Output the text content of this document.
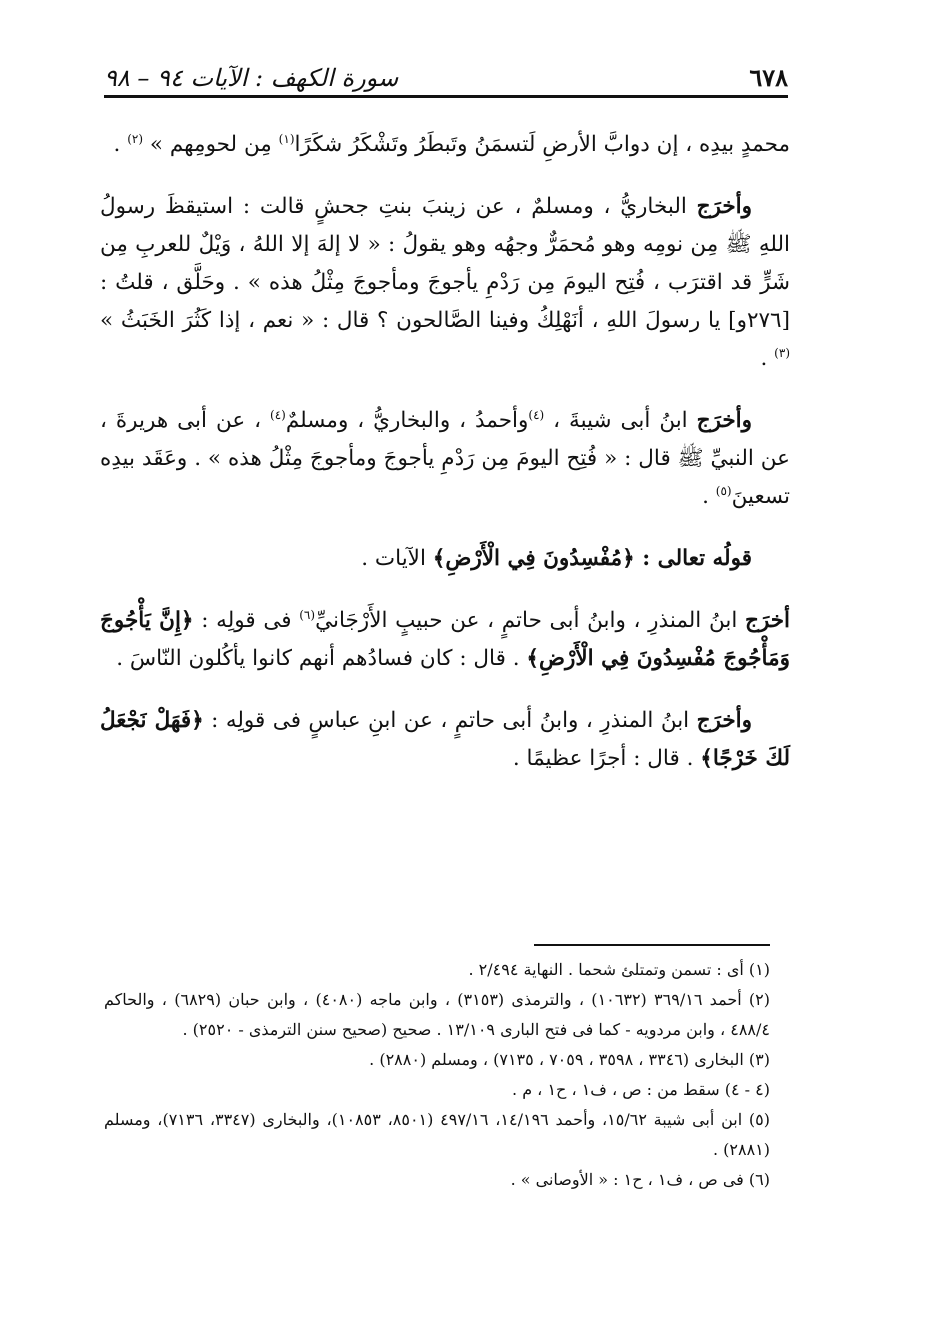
٦٧٨
سورة الكهف : الآيات ٩٤ – ٩٨

محمدٍ بيدِه ، إن دوابَّ الأرضِ لَتسمَنُ وتَبطَرُ وتَشْكَرُ شكَرًا$^{(١)}$ مِن لحومِهم » $^{(٢)}$ .

وأخرَج البخاريُّ ، ومسلمٌ ، عن زينبَ بنتِ جحشٍ قالت : استيقظَ رسولُ اللهِ ﷺ مِن نومِه وهو مُحمَرٌّ وجهُه وهو يقولُ : « لا إلهَ إلا اللهُ ، وَيْلٌ للعربِ مِن شَرٍّ قد اقترَب ، فُتِح اليومَ مِن رَدْمِ يأجوجَ ومأجوجَ مِثْلُ هذه » . وحَلَّق ، قلتُ : [٢٧٦و] يا رسولَ اللهِ ، أنَهْلِكُ وفينا الصَّالحون ؟ قال : « نعم ، إذا كَثُرَ الخَبَثُ » $^{(٣)}$ .

وأخرَج ابنُ أبى شيبةَ ، $^{(٤)}$وأحمدُ ، والبخاريُّ ، ومسلمٌ$^{(٤)}$ ، عن أبى هريرةَ ، عن النبيِّ ﷺ قال : « فُتِح اليومَ مِن رَدْمِ يأجوجَ ومأجوجَ مِثْلُ هذه » . وعَقَد بيدِه تسعينَ$^{(٥)}$ .

قولُه تعالى : ﴿مُفْسِدُونَ فِي الْأَرْضِ﴾ الآيات .

أخرَج ابنُ المنذرِ ، وابنُ أبى حاتمٍ ، عن حبيبٍ الأَرْجَانيِّ$^{(٦)}$ فى قولِه : ﴿إِنَّ يَأْجُوجَ وَمَأْجُوجَ مُفْسِدُونَ فِي الْأَرْضِ﴾ . قال : كان فسادُهم أنهم كانوا يأكُلون النّاسَ .

وأخرَج ابنُ المنذرِ ، وابنُ أبى حاتمٍ ، عن ابنِ عباسٍ فى قولِه : ﴿فَهَلْ نَجْعَلُ لَكَ خَرْجًا﴾ . قال : أجرًا عظيمًا .

(١) أى : تسمن وتمتلئ شحما . النهاية ٢/٤٩٤ .

(٢) أحمد ٣٦٩/١٦ (١٠٦٣٢) ، والترمذى (٣١٥٣) ، وابن ماجه (٤٠٨٠) ، وابن حبان (٦٨٢٩) ، والحاكم ٤٨٨/٤ ، وابن مردويه - كما فى فتح البارى ١٣/١٠٩ . صحيح (صحيح سنن الترمذى - ٢٥٢٠) .

(٣) البخارى (٣٣٤٦ ، ٣٥٩٨ ، ٧٠٥٩ ، ٧١٣٥) ، ومسلم (٢٨٨٠) .

(٤ - ٤) سقط من : ص ، ف١ ، ح١ ، م .

(٥) ابن أبى شيبة ١٥/٦٢، وأحمد ١٤/١٩٦، ٤٩٧/١٦ (٨٥٠١، ١٠٨٥٣)، والبخارى (٣٣٤٧، ٧١٣٦)، ومسلم (٢٨٨١) .

(٦) فى ص ، ف١ ، ح١ : « الأوصانى » .
